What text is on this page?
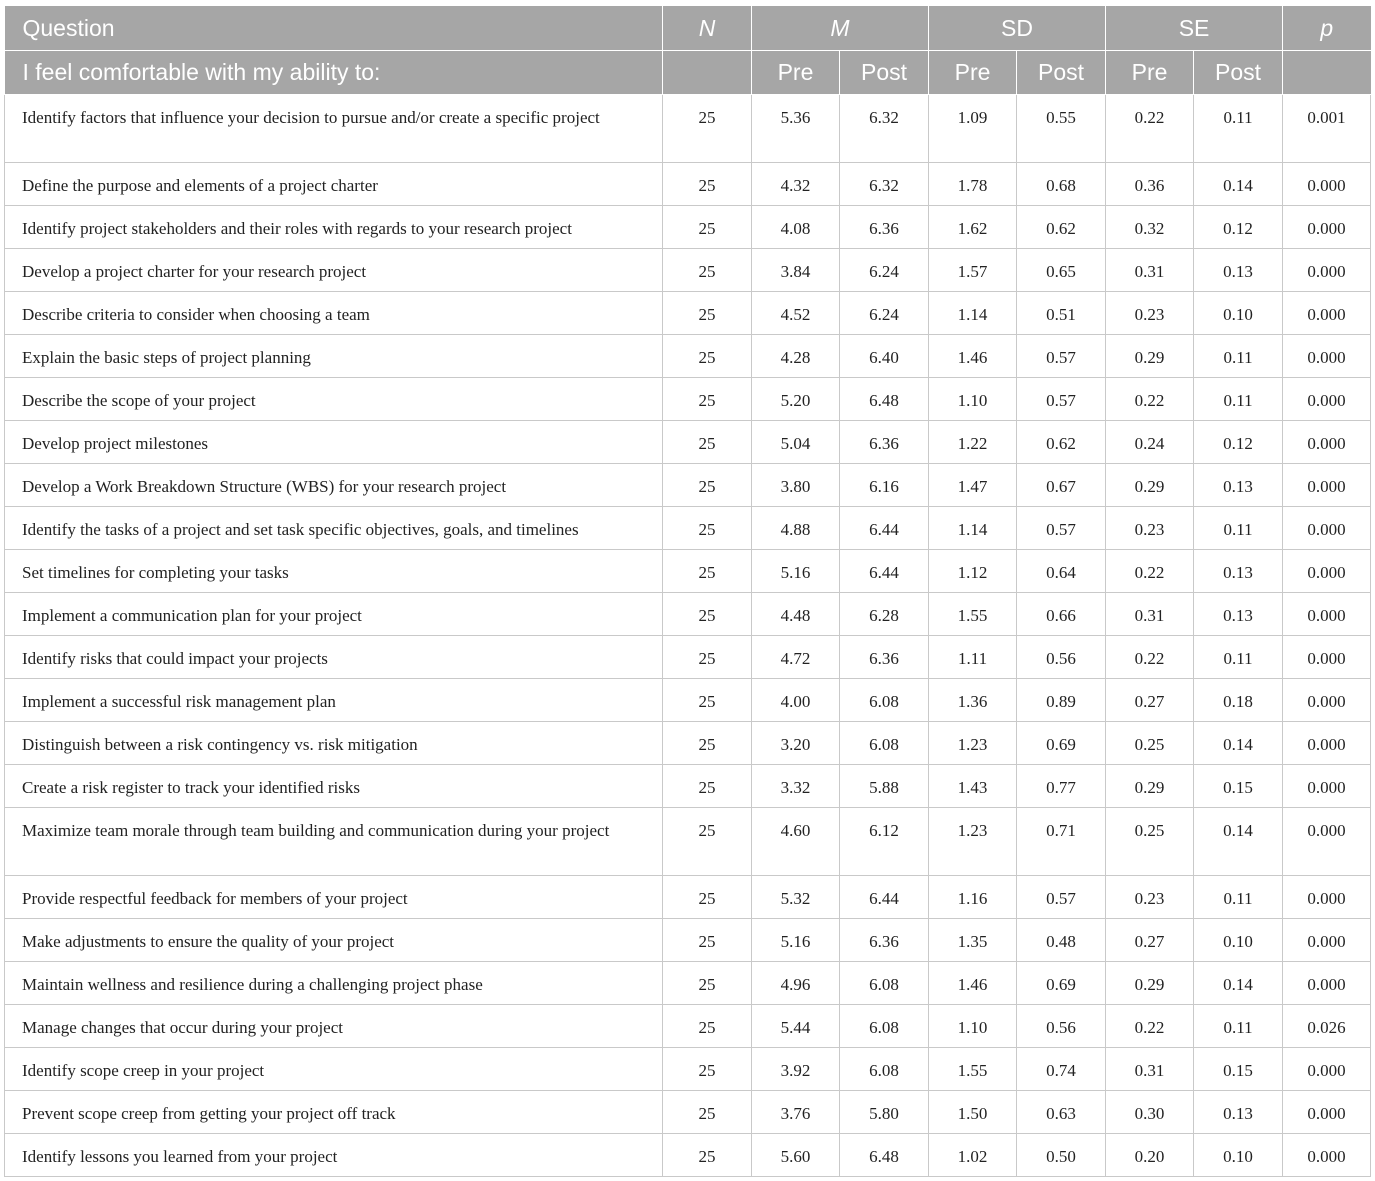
Question	N	M		SD		SE		p
I feel comfortable with my ability to:		Pre	Post	Pre	Post	Pre	Post	
Identify factors that influence your decision to pursue and/or create a specific project	25	5.36	6.32	1.09	0.55	0.22	0.11	0.001
Define the purpose and elements of a project charter	25	4.32	6.32	1.78	0.68	0.36	0.14	0.000
Identify project stakeholders and their roles with regards to your research project	25	4.08	6.36	1.62	0.62	0.32	0.12	0.000
Develop a project charter for your research project	25	3.84	6.24	1.57	0.65	0.31	0.13	0.000
Describe criteria to consider when choosing a team	25	4.52	6.24	1.14	0.51	0.23	0.10	0.000
Explain the basic steps of project planning	25	4.28	6.40	1.46	0.57	0.29	0.11	0.000
Describe the scope of your project	25	5.20	6.48	1.10	0.57	0.22	0.11	0.000
Develop project milestones	25	5.04	6.36	1.22	0.62	0.24	0.12	0.000
Develop a Work Breakdown Structure (WBS) for your research project	25	3.80	6.16	1.47	0.67	0.29	0.13	0.000
Identify the tasks of a project and set task specific objectives, goals, and timelines	25	4.88	6.44	1.14	0.57	0.23	0.11	0.000
Set timelines for completing your tasks	25	5.16	6.44	1.12	0.64	0.22	0.13	0.000
Implement a communication plan for your project	25	4.48	6.28	1.55	0.66	0.31	0.13	0.000
Identify risks that could impact your projects	25	4.72	6.36	1.11	0.56	0.22	0.11	0.000
Implement a successful risk management plan	25	4.00	6.08	1.36	0.89	0.27	0.18	0.000
Distinguish between a risk contingency vs. risk mitigation	25	3.20	6.08	1.23	0.69	0.25	0.14	0.000
Create a risk register to track your identified risks	25	3.32	5.88	1.43	0.77	0.29	0.15	0.000
Maximize team morale through team building and communication during your project	25	4.60	6.12	1.23	0.71	0.25	0.14	0.000
Provide respectful feedback for members of your project	25	5.32	6.44	1.16	0.57	0.23	0.11	0.000
Make adjustments to ensure the quality of your project	25	5.16	6.36	1.35	0.48	0.27	0.10	0.000
Maintain wellness and resilience during a challenging project phase	25	4.96	6.08	1.46	0.69	0.29	0.14	0.000
Manage changes that occur during your project	25	5.44	6.08	1.10	0.56	0.22	0.11	0.026
Identify scope creep in your project	25	3.92	6.08	1.55	0.74	0.31	0.15	0.000
Prevent scope creep from getting your project off track	25	3.76	5.80	1.50	0.63	0.30	0.13	0.000
Identify lessons you learned from your project	25	5.60	6.48	1.02	0.50	0.20	0.10	0.000
